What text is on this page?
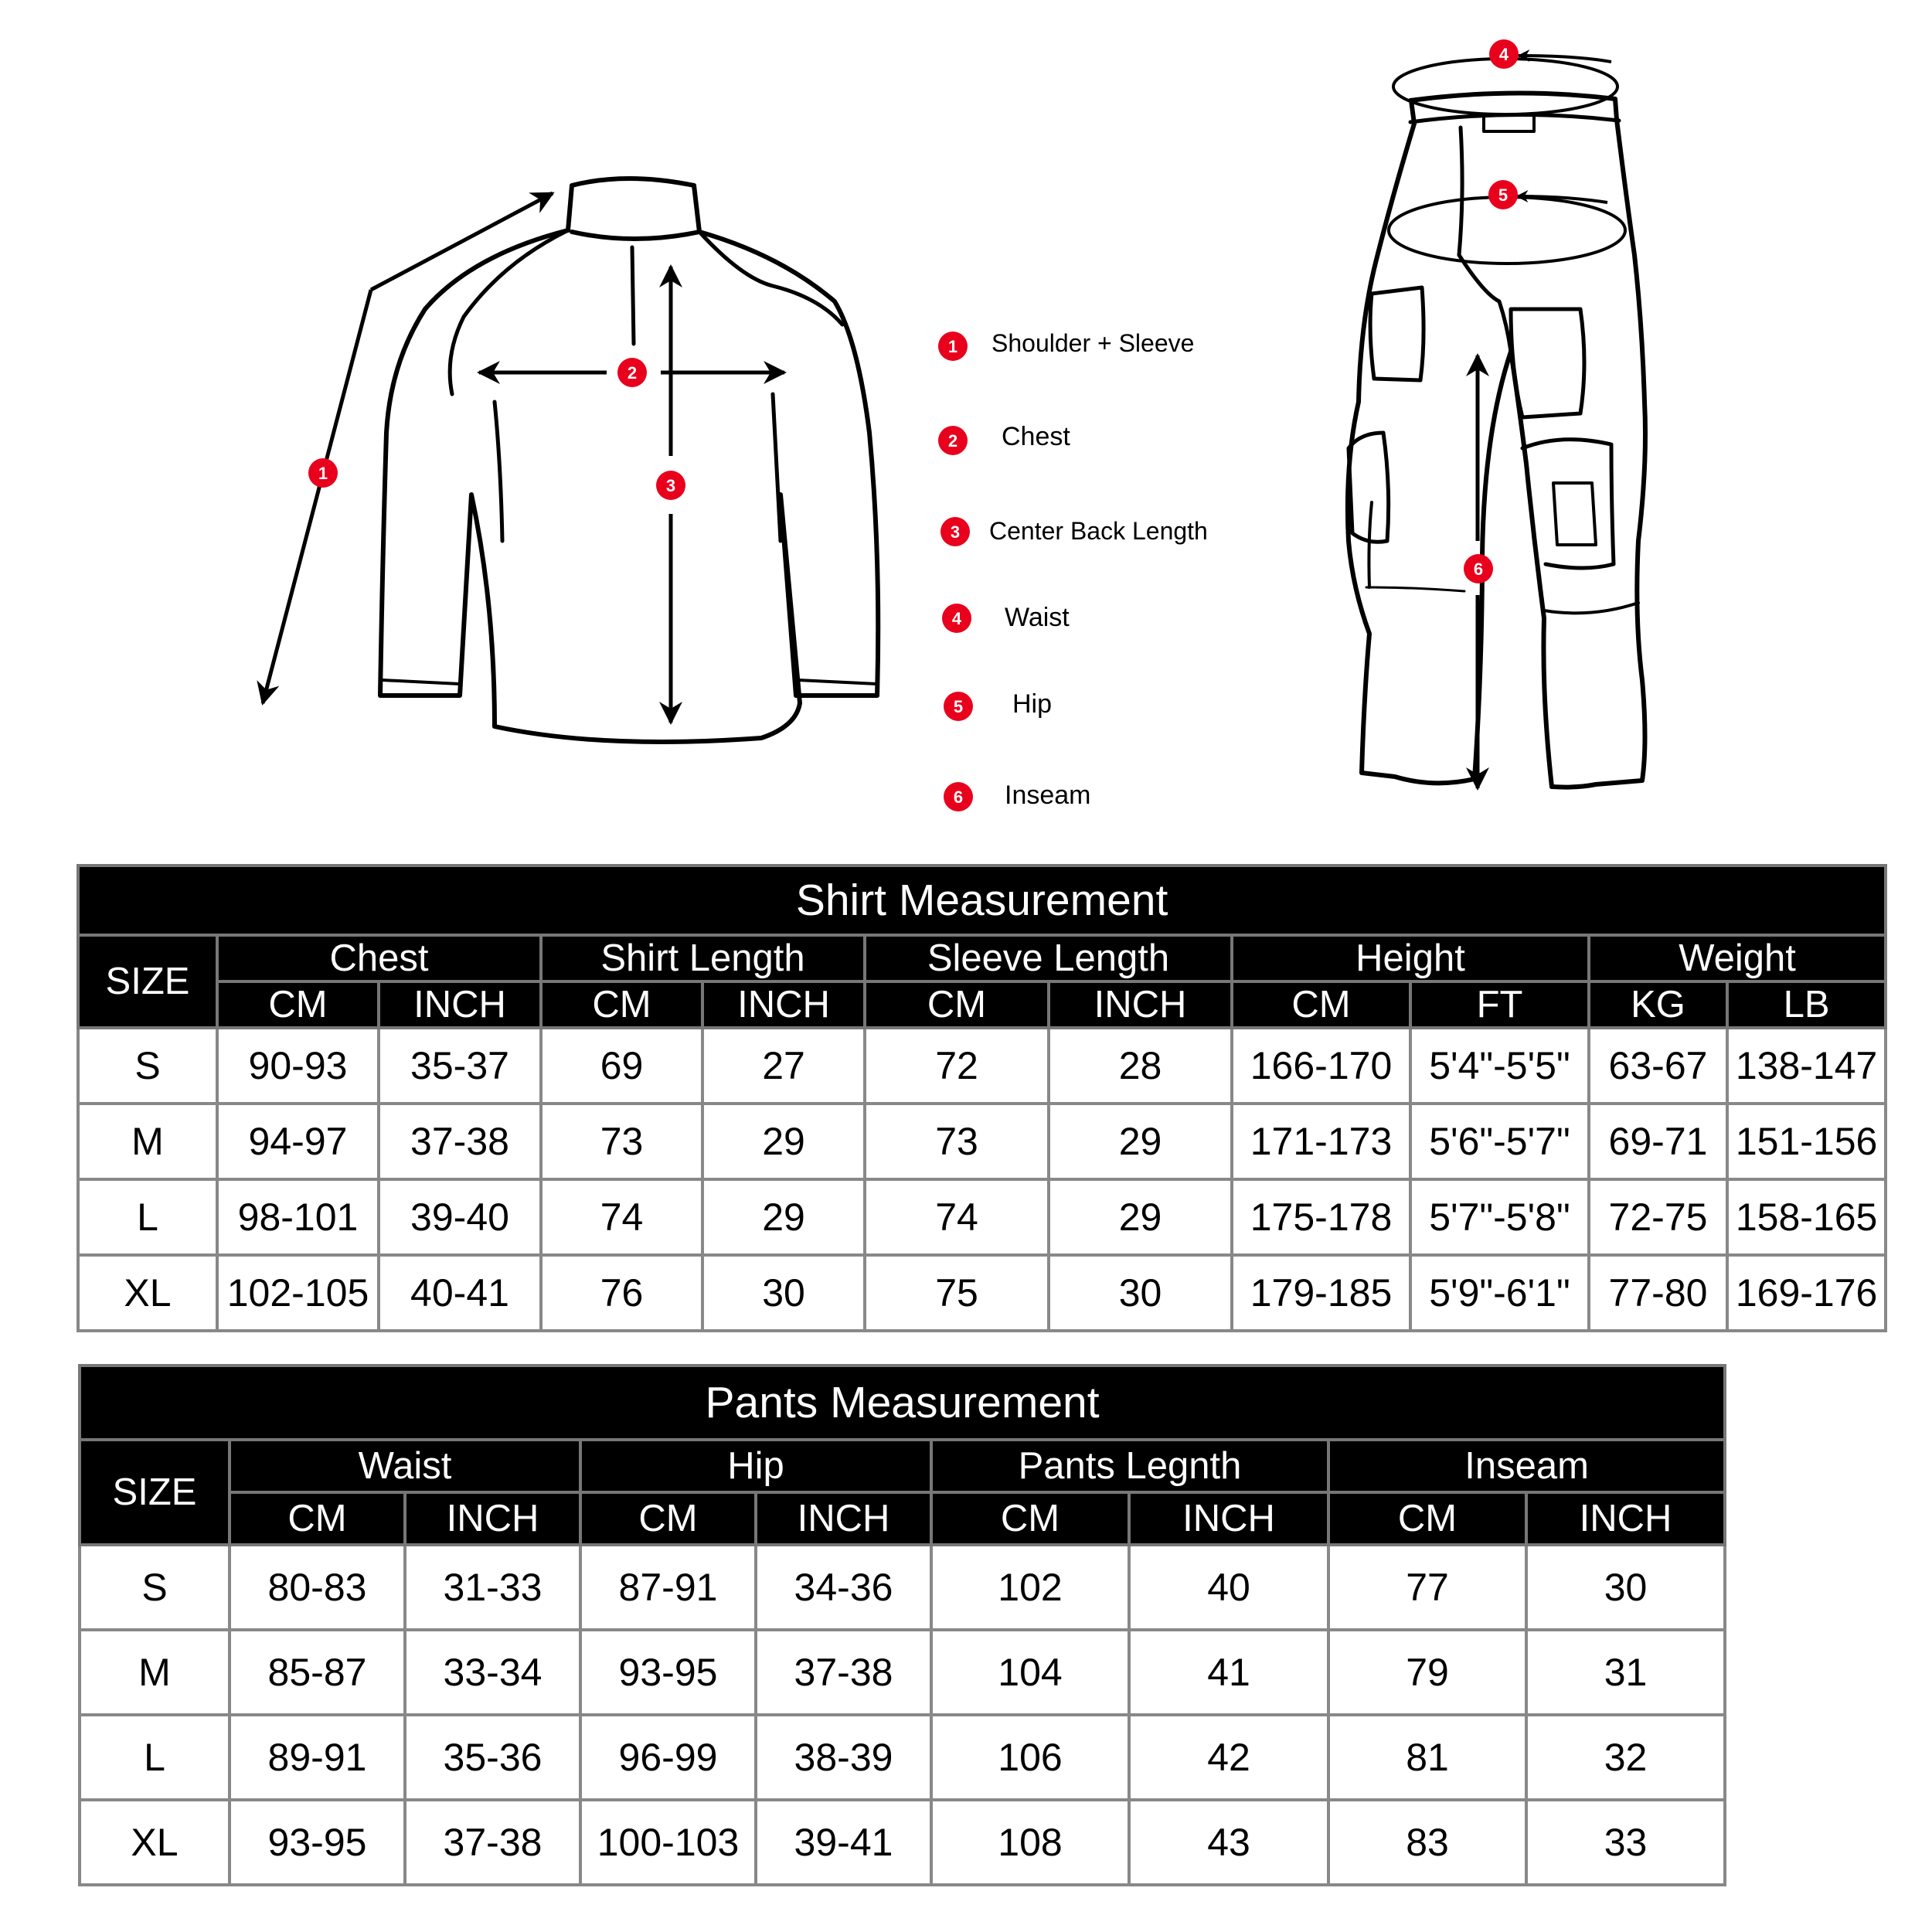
1
2
3
1 Shoulder + Sleeve
2 Chest
3 Center Back Length
4 Waist
5 Hip
6 Inseam
4
5
6
Shirt Measurement										
SIZE	Chest		Shirt Length		Sleeve Length		Height		Weight	
	CM	INCH	CM	INCH	CM	INCH	CM	FT	KG	LB
S	90-93	35-37	69	27	72	28	166-170	5'4"-5'5"	63-67	138-147
M	94-97	37-38	73	29	73	29	171-173	5'6"-5'7"	69-71	151-156
L	98-101	39-40	74	29	74	29	175-178	5'7"-5'8"	72-75	158-165
XL	102-105	40-41	76	30	75	30	179-185	5'9"-6'1"	77-80	169-176
Pants Measurement								
SIZE	Waist		Hip		Pants Legnth		Inseam	
	CM	INCH	CM	INCH	CM	INCH	CM	INCH
S	80-83	31-33	87-91	34-36	102	40	77	30
M	85-87	33-34	93-95	37-38	104	41	79	31
L	89-91	35-36	96-99	38-39	106	42	81	32
XL	93-95	37-38	100-103	39-41	108	43	83	33
